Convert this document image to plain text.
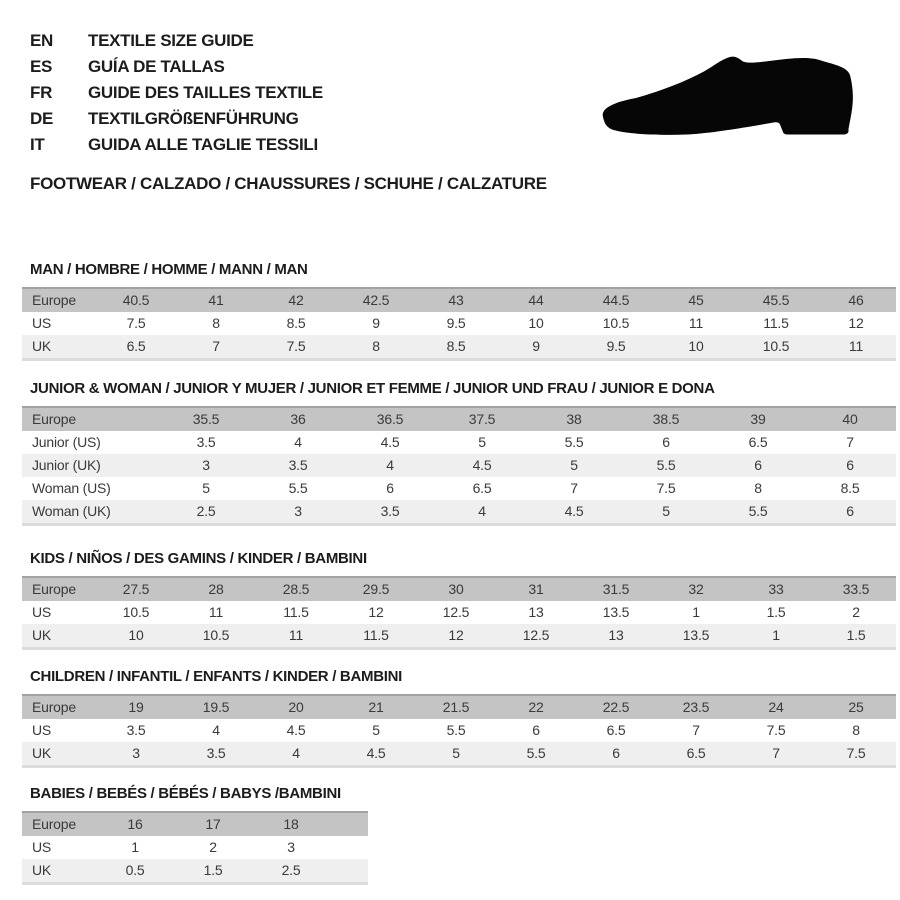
EN TEXTILE SIZE GUIDE
ES GUÍA DE TALLAS
FR GUIDE DES TAILLES TEXTILE
DE TEXTILGRÖßENFÜHRUNG
IT	GUIDA ALLE TAGLIE TESSILI
FOOTWEAR / CALZADO / CHAUSSURES / SCHUHE / CALZATURE
MAN / HOMBRE / HOMME / MANN / MAN
Europe	40.5	41	42	42.5	43	44	44.5	45	45.5	46
US	7.5	8	8.5	9	9.5	10	10.5	11	11.5	12
UK	6.5	7	7.5	8	8.5	9	9.5	10	10.5	11
JUNIOR & WOMAN / JUNIOR Y MUJER / JUNIOR ET FEMME / JUNIOR UND FRAU / JUNIOR E DONA
Europe	35.5	36	36.5	37.5	38	38.5	39	40
Junior (US)	3.5	4	4.5	5	5.5	6	6.5	7
Junior (UK)	3	3.5	4	4.5	5	5.5	6	6
Woman (US)	5	5.5	6	6.5	7	7.5	8	8.5
Woman (UK)	2.5	3	3.5	4	4.5	5	5.5	6
KIDS / NIÑOS / DES GAMINS / KINDER / BAMBINI
Europe	27.5	28	28.5	29.5	30	31	31.5	32	33	33.5
US	10.5	11	11.5	12	12.5	13	13.5	1	1.5	2
UK	10	10.5	11	11.5	12	12.5	13	13.5	1	1.5
CHILDREN / INFANTIL / ENFANTS / KINDER / BAMBINI
Europe	19	19.5	20	21	21.5	22	22.5	23.5	24	25
US	3.5	4	4.5	5	5.5	6	6.5	7	7.5	8
UK	3	3.5	4	4.5	5	5.5	6	6.5	7	7.5
BABIES / BEBÉS / BÉBÉS / BABYS /BAMBINI
Europe	16	17	18	
US	1	2	3	
UK	0.5	1.5	2.5	
